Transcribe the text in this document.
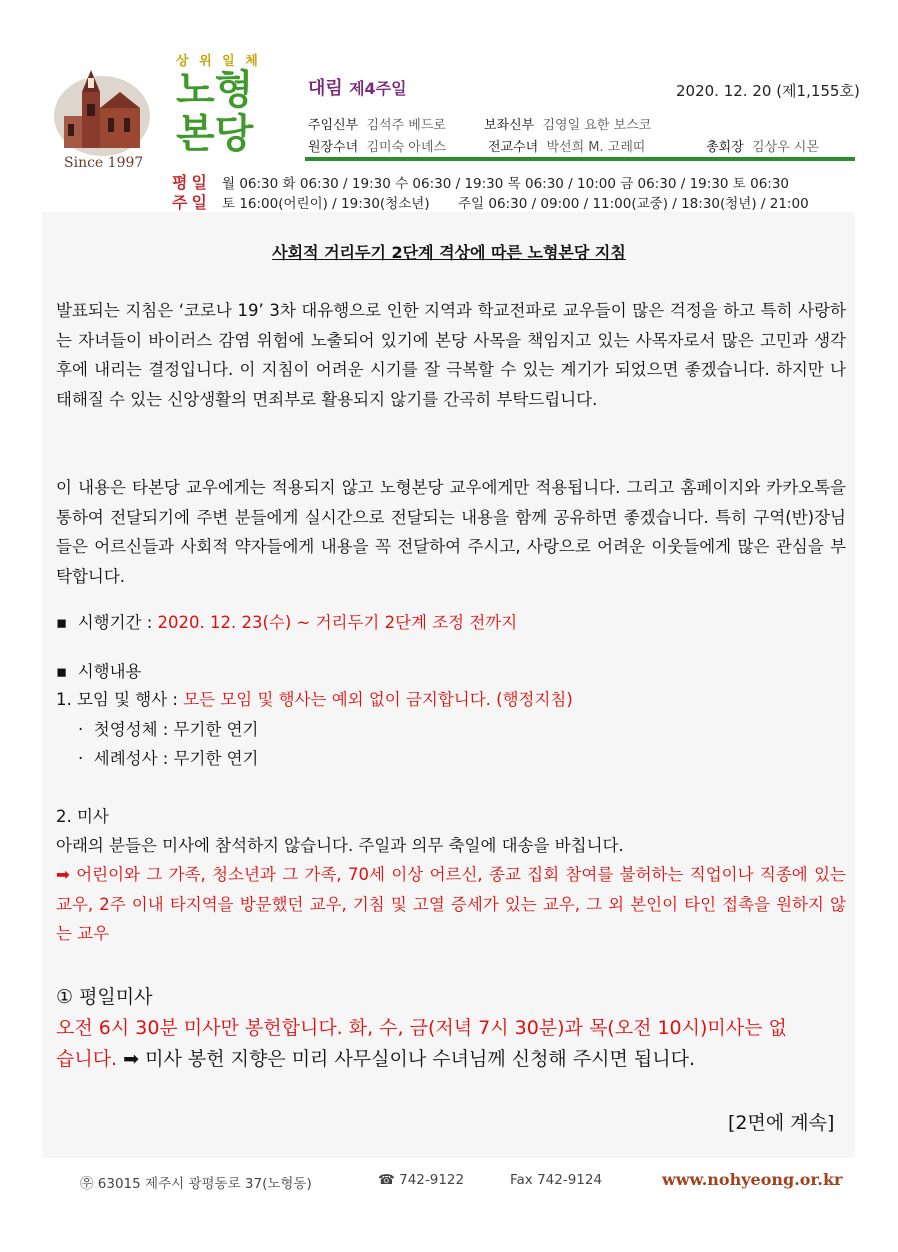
Since 1997
상 위 일 체
노형
본당
대림 제4주일	2020. 12. 20 (제1,155호)
주임신부 김석주 베드로	보좌신부 김영일 요한 보스코
원장수녀 김미숙 아녜스	전교수녀 박선희 M. 고레띠	총회장 김상우 시몬
평일 월 06:30 화 06:30 / 19:30 수 06:30 / 19:30 목 06:30 / 10:00 금 06:30 / 19:30 토 06:30
주일 토 16:00(어린이) / 19:30(청소년) 주일 06:30 / 09:00 / 11:00(교중) / 18:30(청년) / 21:00
사회적 거리두기 2단계 격상에 따른 노형본당 지침
발표되는 지침은 ‘코로나 19’ 3차 대유행으로 인한 지역과 학교전파로 교우들이 많은 걱정을 하고 특히 사랑하는 자녀들이 바이러스 감염 위험에 노출되어 있기에 본당 사목을 책임지고 있는 사목자로서 많은 고민과 생각 후에 내리는 결정입니다. 이 지침이 어려운 시기를 잘 극복할 수 있는 계기가 되었으면 좋겠습니다. 하지만 나태해질 수 있는 신앙생활의 면죄부로 활용되지 않기를 간곡히 부탁드립니다.
이 내용은 타본당 교우에게는 적용되지 않고 노형본당 교우에게만 적용됩니다. 그리고 홈페이지와 카카오톡을 통하여 전달되기에 주변 분들에게 실시간으로 전달되는 내용을 함께 공유하면 좋겠습니다. 특히 구역(반)장님들은 어르신들과 사회적 약자들에게 내용을 꼭 전달하여 주시고, 사랑으로 어려운 이웃들에게 많은 관심을 부탁합니다.
▪ 시행기간 : 2020. 12. 23(수) ~ 거리두기 2단계 조정 전까지
▪ 시행내용
1. 모임 및 행사 : 모든 모임 및 행사는 예외 없이 금지합니다. (행정지침)
· 첫영성체 : 무기한 연기
· 세례성사 : 무기한 연기
2. 미사
아래의 분들은 미사에 참석하지 않습니다. 주일과 의무 축일에 대송을 바칩니다.
➡ 어린이와 그 가족, 청소년과 그 가족, 70세 이상 어르신, 종교 집회 참여를 불허하는 직업이나 직종에 있는 교우, 2주 이내 타지역을 방문했던 교우, 기침 및 고열 증세가 있는 교우, 그 외 본인이 타인 접촉을 원하지 않는 교우
① 평일미사
오전 6시 30분 미사만 봉헌합니다. 화, 수, 금(저녁 7시 30분)과 목(오전 10시)미사는 없
습니다. ➡ 미사 봉헌 지향은 미리 사무실이나 수녀님께 신청해 주시면 됩니다.
[2면에 계속]
㉾ 63015 제주시 광평동로 37(노형동)	☎ 742-9122	Fax 742-9124	www.nohyeong.or.kr
